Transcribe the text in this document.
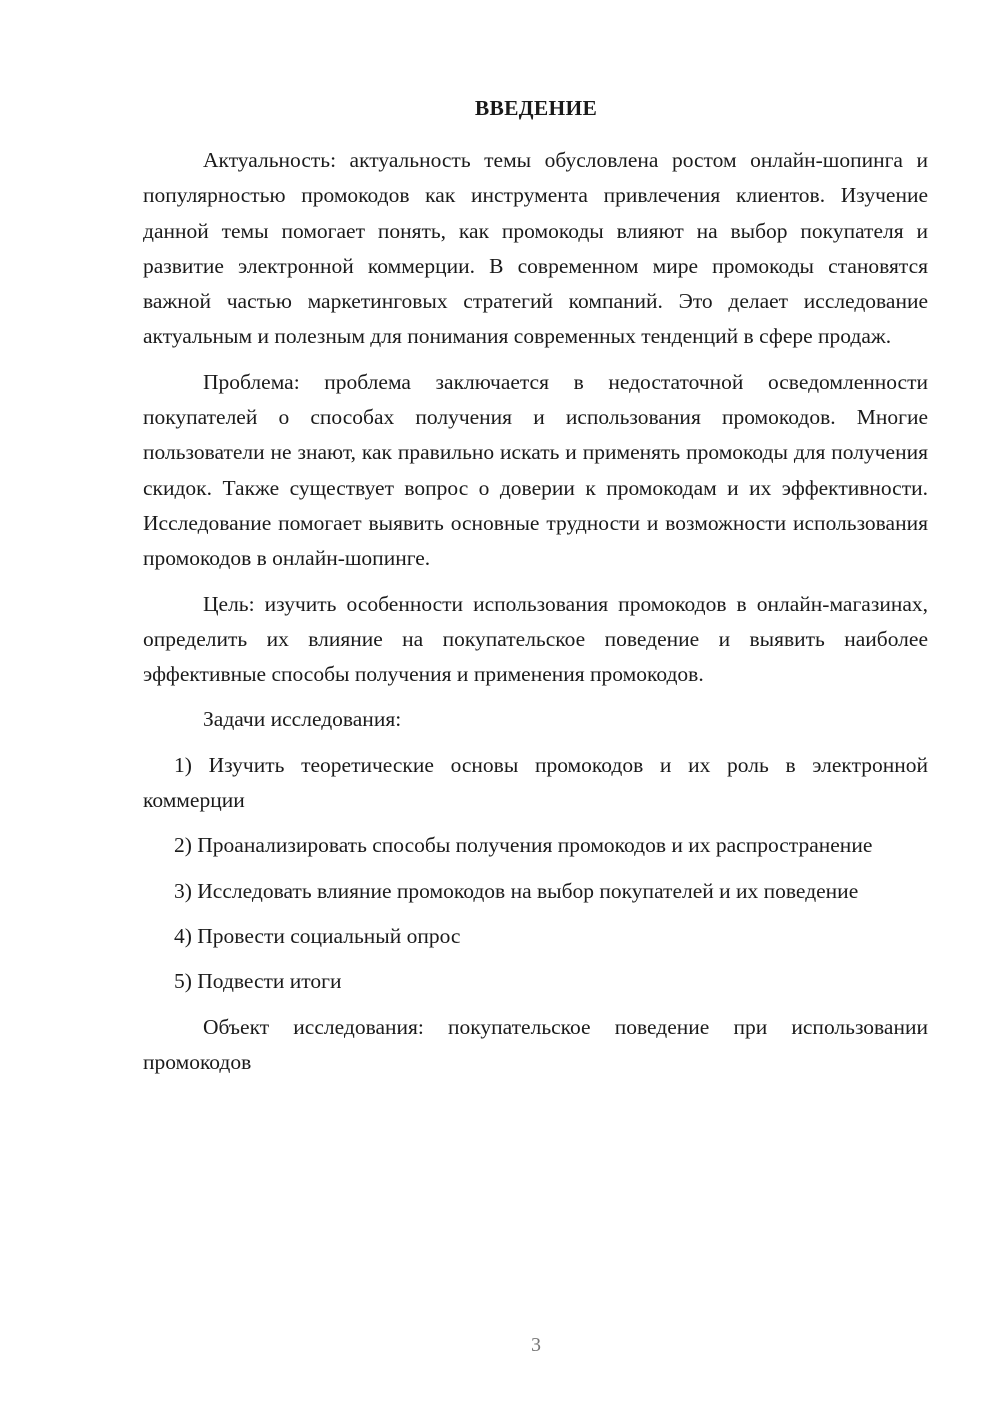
ВВЕДЕНИЕ

Актуальность: актуальность темы обусловлена ростом онлайн-шопинга и популярностью промокодов как инструмента привлечения клиентов. Изучение данной темы помогает понять, как промокоды влияют на выбор покупателя и развитие электронной коммерции. В современном мире промокоды становятся важной частью маркетинговых стратегий компаний. Это делает исследование актуальным и полезным для понимания современных тенденций в сфере продаж.

Проблема: проблема заключается в недостаточной осведомленности покупателей о способах получения и использования промокодов. Многие пользователи не знают, как правильно искать и применять промокоды для получения скидок. Также существует вопрос о доверии к промокодам и их эффективности. Исследование помогает выявить основные трудности и возможности использования промокодов в онлайн-шопинге.

Цель: изучить особенности использования промокодов в онлайн-магазинах, определить их влияние на покупательское поведение и выявить наиболее эффективные способы получения и применения промокодов.

Задачи исследования:

1) Изучить теоретические основы промокодов и их роль в электронной коммерции

2) Проанализировать способы получения промокодов и их распространение

3) Исследовать влияние промокодов на выбор покупателей и их поведение

4) Провести социальный опрос

5) Подвести итоги

Объект исследования: покупательское поведение при использовании промокодов

3
